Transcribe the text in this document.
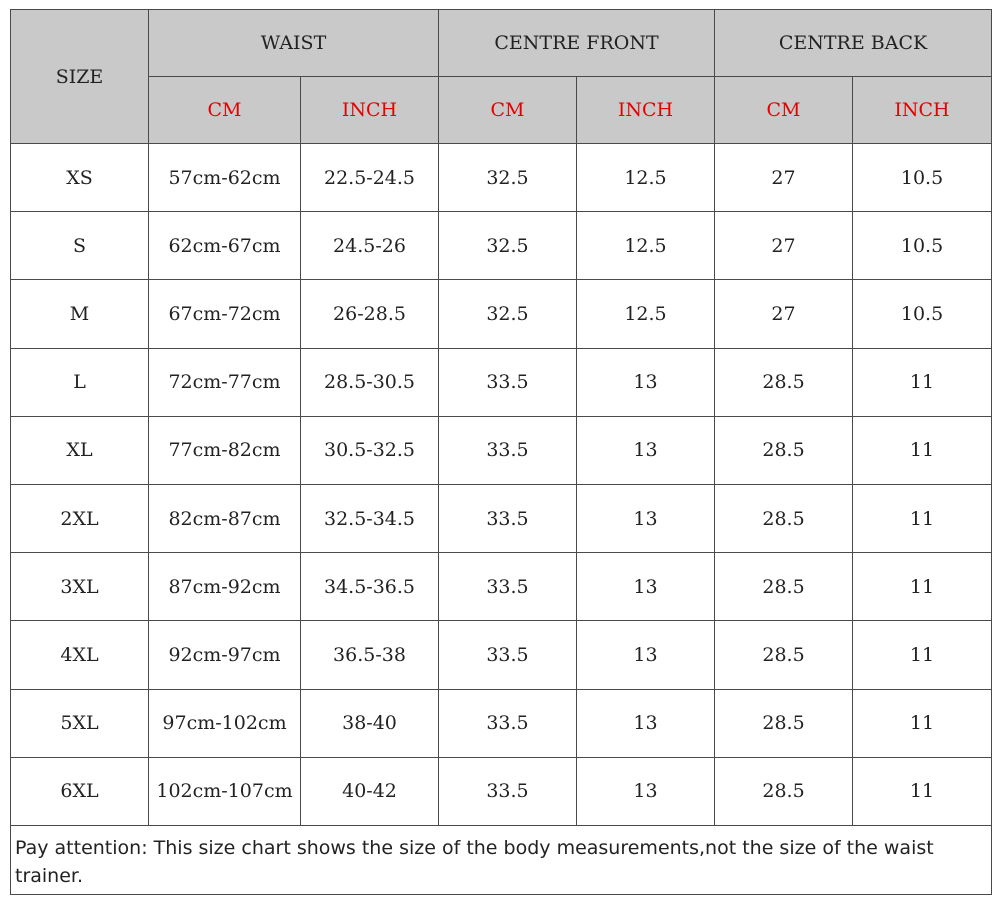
SIZE	WAIST		CENTRE FRONT		CENTRE BACK	
	CM	INCH	CM	INCH	CM	INCH
XS	57cm-62cm	22.5-24.5	32.5	12.5	27	10.5
S	62cm-67cm	24.5-26	32.5	12.5	27	10.5
M	67cm-72cm	26-28.5	32.5	12.5	27	10.5
L	72cm-77cm	28.5-30.5	33.5	13	28.5	11
XL	77cm-82cm	30.5-32.5	33.5	13	28.5	11
2XL	82cm-87cm	32.5-34.5	33.5	13	28.5	11
3XL	87cm-92cm	34.5-36.5	33.5	13	28.5	11
4XL	92cm-97cm	36.5-38	33.5	13	28.5	11
5XL	97cm-102cm	38-40	33.5	13	28.5	11
6XL	102cm-107cm	40-42	33.5	13	28.5	11
Pay attention: This size chart shows the size of the body measurements,not the size of the waist trainer.						
